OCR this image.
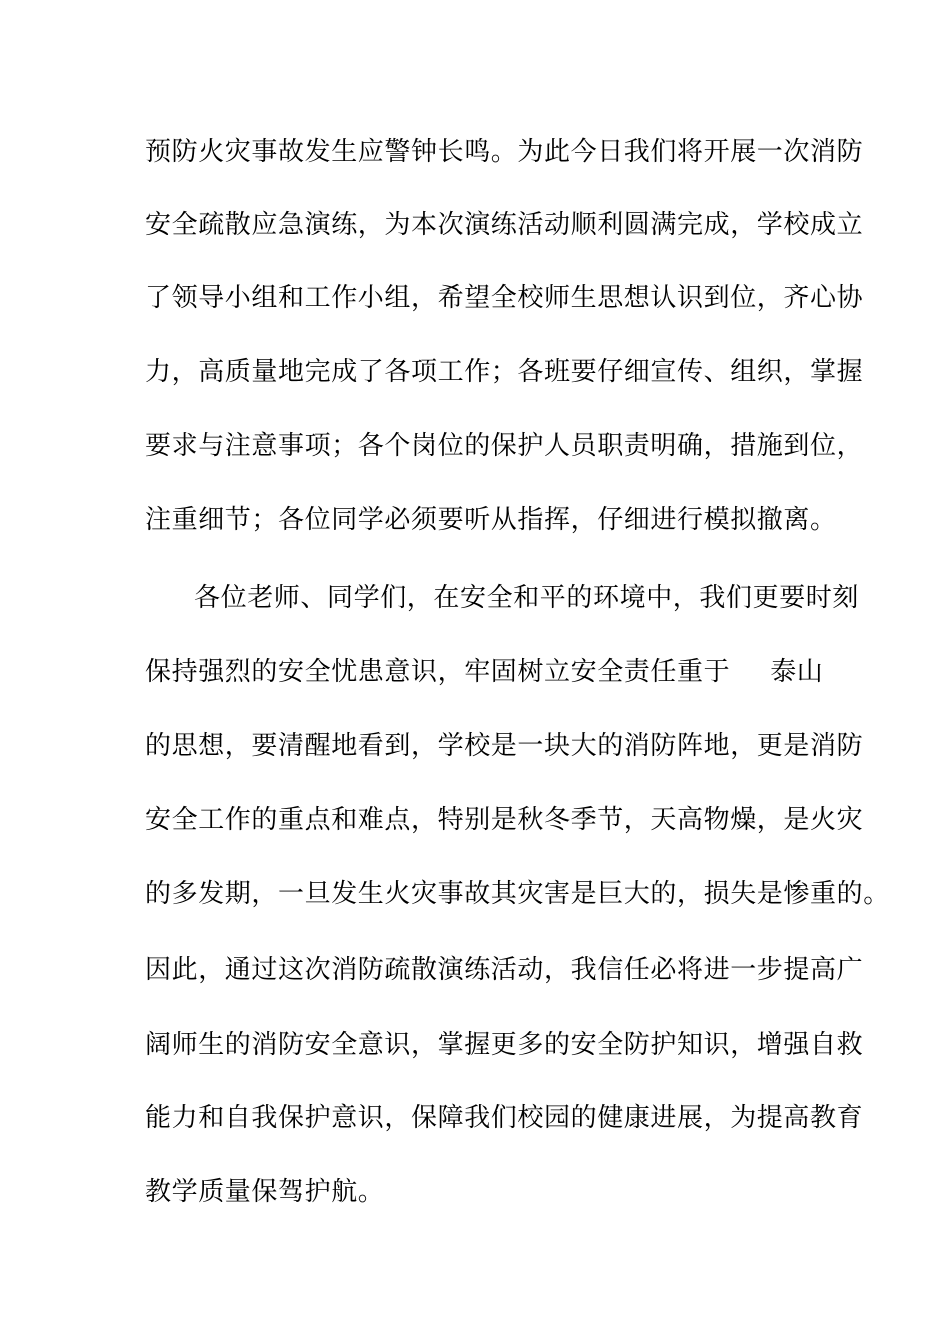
预防火灾事故发生应警钟长鸣。为此今日我们将开展一次消防
安全疏散应急演练，为本次演练活动顺利圆满完成，学校成立
了领导小组和工作小组，希望全校师生思想认识到位，齐心协
力，高质量地完成了各项工作；各班要仔细宣传、组织，掌握
要求与注意事项；各个岗位的保护人员职责明确，措施到位，
注重细节；各位同学必须要听从指挥，仔细进行模拟撤离。
各位老师、同学们，在安全和平的环境中，我们更要时刻
保持强烈的安全忧患意识，牢固树立安全责任重于 泰山
的思想，要清醒地看到，学校是一块大的消防阵地，更是消防
安全工作的重点和难点，特别是秋冬季节，天高物燥，是火灾
的多发期，一旦发生火灾事故其灾害是巨大的，损失是惨重的。
因此，通过这次消防疏散演练活动，我信任必将进一步提高广
阔师生的消防安全意识，掌握更多的安全防护知识，增强自救
能力和自我保护意识，保障我们校园的健康进展，为提高教育
教学质量保驾护航。
